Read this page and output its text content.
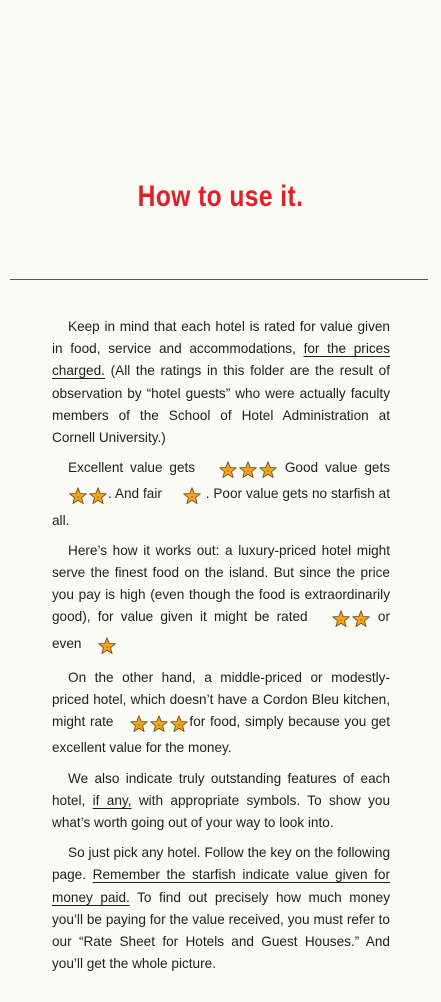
How to use it.

Keep in mind that each hotel is rated for value given in food, service and accommodations, for the prices charged. (All the ratings in this folder are the result of observation by “hotel guests” who were actually faculty members of the School of Hotel Administration at Cornell University.)

Excellent value gets	Good value gets
. And fair	. Poor value gets no starfish at all.

Here’s how it works out: a luxury-priced hotel might serve the finest food on the island. But since the price you pay is high (even though the food is extraordinarily good), for value given it might be rated	or even

On the other hand, a middle-priced or modestly-priced hotel, which doesn’t have a Cordon Bleu kitchen, might rate	for food, simply because you get excellent value for the money.

We also indicate truly outstanding features of each hotel, if any, with appropriate symbols. To show you what’s worth going out of your way to look into.

So just pick any hotel. Follow the key on the following page. Remember the starfish indicate value given for money paid. To find out precisely how much money you’ll be paying for the value received, you must refer to our “Rate Sheet for Hotels and Guest Houses.” And you’ll get the whole picture.
